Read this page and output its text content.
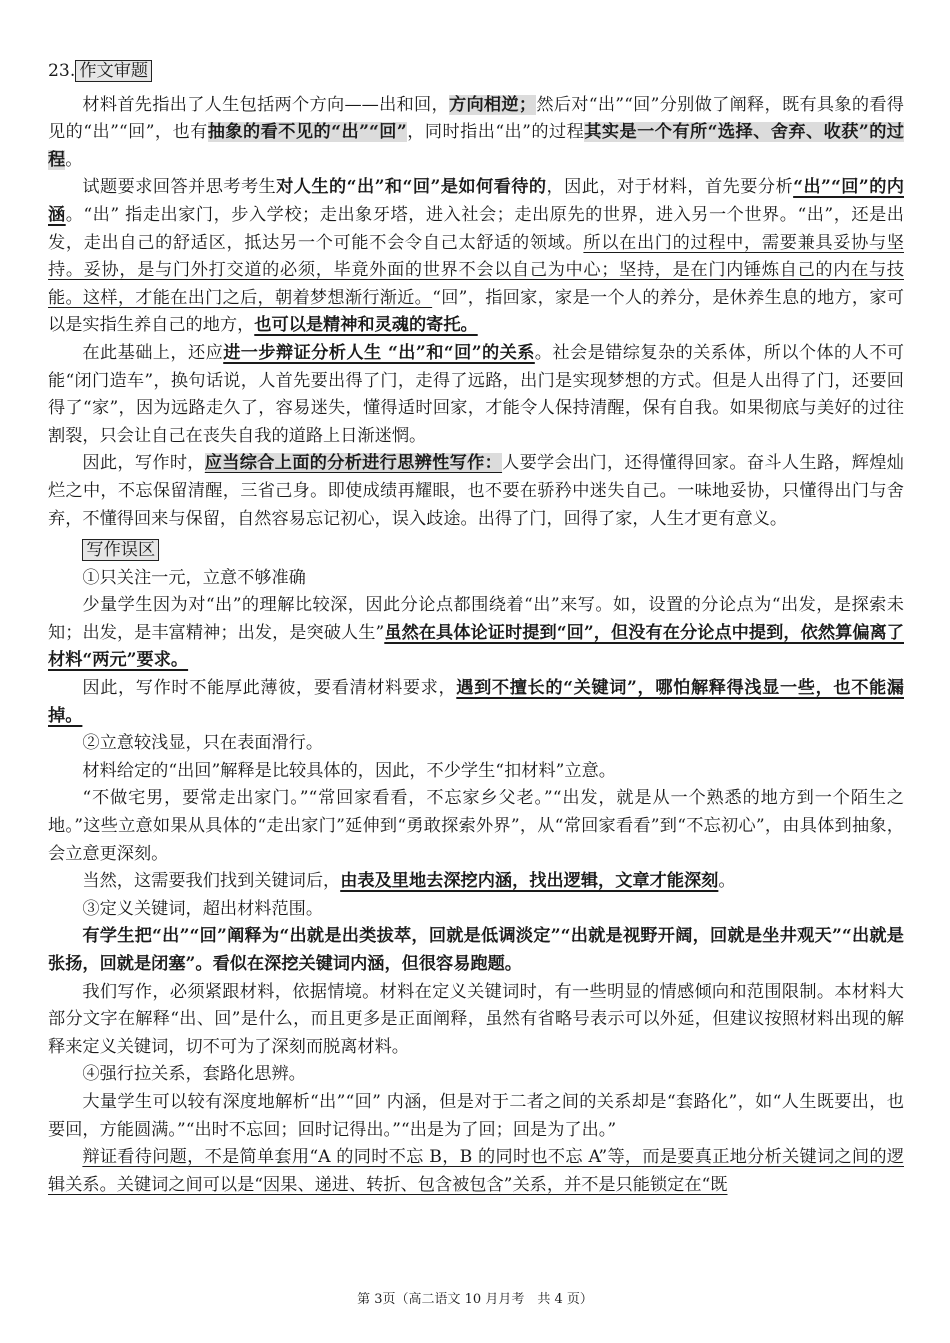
23. 作文审题

材料首先指出了人生包括两个方向——出和回，方向相逆；然后对“出”“回”分别做了阐释，既有具象的看得见的“出”“回”，也有抽象的看不见的“出”“回”，同时指出“出”的过程其实是一个有所“选择、舍弃、收获”的过程。

试题要求回答并思考考生对人生的“出”和“回”是如何看待的，因此，对于材料，首先要分析“出”“回”的内涵。“出” 指走出家门，步入学校；走出象牙塔，进入社会；走出原先的世界，进入另一个世界。“出”，还是出发，走出自己的舒适区，抵达另一个可能不会令自己太舒适的领域。所以在出门的过程中，需要兼具妥协与坚持。妥协，是与门外打交道的必须，毕竟外面的世界不会以自己为中心；坚持，是在门内锤炼自己的内在与技能。这样，才能在出门之后，朝着梦想渐行渐近。“回”，指回家，家是一个人的养分，是休养生息的地方，家可以是实指生养自己的地方，也可以是精神和灵魂的寄托。

在此基础上，还应进一步辩证分析人生 “出”和“回”的关系。社会是错综复杂的关系体，所以个体的人不可能“闭门造车”，换句话说，人首先要出得了门，走得了远路，出门是实现梦想的方式。但是人出得了门，还要回得了“家”，因为远路走久了，容易迷失，懂得适时回家，才能令人保持清醒，保有自我。如果彻底与美好的过往割裂，只会让自己在丧失自我的道路上日渐迷惘。

因此，写作时，应当综合上面的分析进行思辨性写作：人要学会出门，还得懂得回家。奋斗人生路，辉煌灿烂之中，不忘保留清醒，三省己身。即使成绩再耀眼，也不要在骄矜中迷失自己。一味地妥协，只懂得出门与舍弃，不懂得回来与保留，自然容易忘记初心，误入歧途。出得了门，回得了家，人生才更有意义。

写作误区

①只关注一元，立意不够准确

少量学生因为对“出”的理解比较深，因此分论点都围绕着“出”来写。如，设置的分论点为“出发，是探索未知；出发，是丰富精神；出发，是突破人生”虽然在具体论证时提到“回”，但没有在分论点中提到，依然算偏离了材料“两元”要求。

因此，写作时不能厚此薄彼，要看清材料要求，遇到不擅长的“关键词”，哪怕解释得浅显一些，也不能漏掉。

②立意较浅显，只在表面滑行。

材料给定的“出回”解释是比较具体的，因此，不少学生“扣材料”立意。

“不做宅男，要常走出家门。”“常回家看看，不忘家乡父老。”“出发，就是从一个熟悉的地方到一个陌生之地。”这些立意如果从具体的“走出家门”延伸到“勇敢探索外界”，从“常回家看看”到“不忘初心”，由具体到抽象，会立意更深刻。

当然，这需要我们找到关键词后，由表及里地去深挖内涵，找出逻辑，文章才能深刻。

③定义关键词，超出材料范围。

有学生把“出”“回”阐释为“出就是出类拔萃，回就是低调淡定”“出就是视野开阔，回就是坐井观天”“出就是张扬，回就是闭塞”。看似在深挖关键词内涵，但很容易跑题。

我们写作，必须紧跟材料，依据情境。材料在定义关键词时，有一些明显的情感倾向和范围限制。本材料大部分文字在解释“出、回”是什么，而且更多是正面阐释，虽然有省略号表示可以外延，但建议按照材料出现的解释来定义关键词，切不可为了深刻而脱离材料。

④强行拉关系，套路化思辨。

大量学生可以较有深度地解析“出”“回” 内涵，但是对于二者之间的关系却是“套路化”，如“人生既要出，也要回，方能圆满。”“出时不忘回；回时记得出。”“出是为了回；回是为了出。”

辩证看待问题，不是简单套用“A 的同时不忘 B，B 的同时也不忘 A”等，而是要真正地分析关键词之间的逻辑关系。关键词之间可以是“因果、递进、转折、包含被包含”关系，并不是只能锁定在“既

第 3页（高二语文 10 月月考　共 4 页）
